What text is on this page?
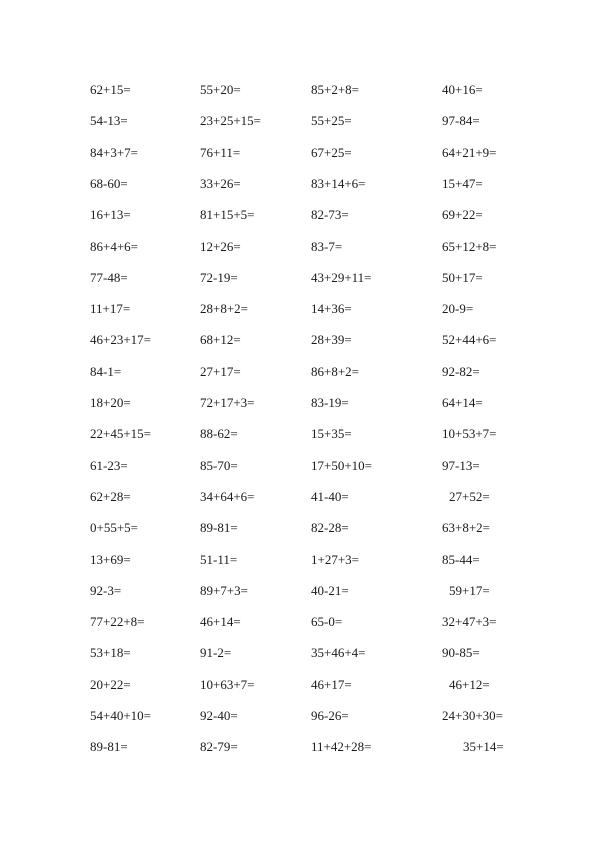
62+15=	55+20=	85+2+8=	40+16=
54-13=	23+25+15=	55+25=	97-84=
84+3+7=	76+11=	67+25=	64+21+9=
68-60=	33+26=	83+14+6=	15+47=
16+13=	81+15+5=	82-73=	69+22=
86+4+6=	12+26=	83-7=	65+12+8=
77-48=	72-19=	43+29+11=	50+17=
11+17=	28+8+2=	14+36=	20-9=
46+23+17=	68+12=	28+39=	52+44+6=
84-1=	27+17=	86+8+2=	92-82=
18+20=	72+17+3=	83-19=	64+14=
22+45+15=	88-62=	15+35=	10+53+7=
61-23=	85-70=	17+50+10=	97-13=
62+28=	34+64+6=	41-40=	27+52=
0+55+5=	89-81=	82-28=	63+8+2=
13+69=	51-11=	1+27+3=	85-44=
92-3=	89+7+3=	40-21=	59+17=
77+22+8=	46+14=	65-0=	32+47+3=
53+18=	91-2=	35+46+4=	90-85=
20+22=	10+63+7=	46+17=	46+12=
54+40+10=	92-40=	96-26=	24+30+30=
89-81=	82-79=	11+42+28=	35+14=
